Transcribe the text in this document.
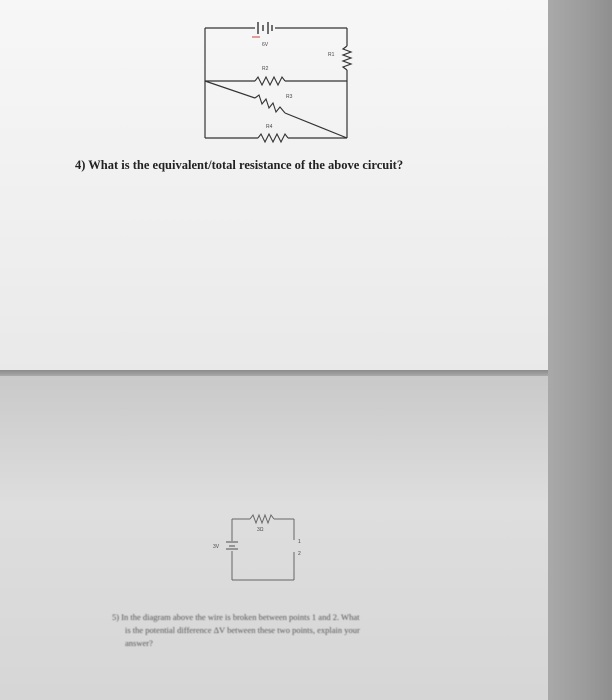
6V
R1
R2
R3
R4
4) What is the equivalent/total resistance of the above circuit?
3Ω
3V
1
2
5) In the diagram above the wire is broken between points 1 and 2. What
is the potential difference ΔV between these two points, explain your
answer?
